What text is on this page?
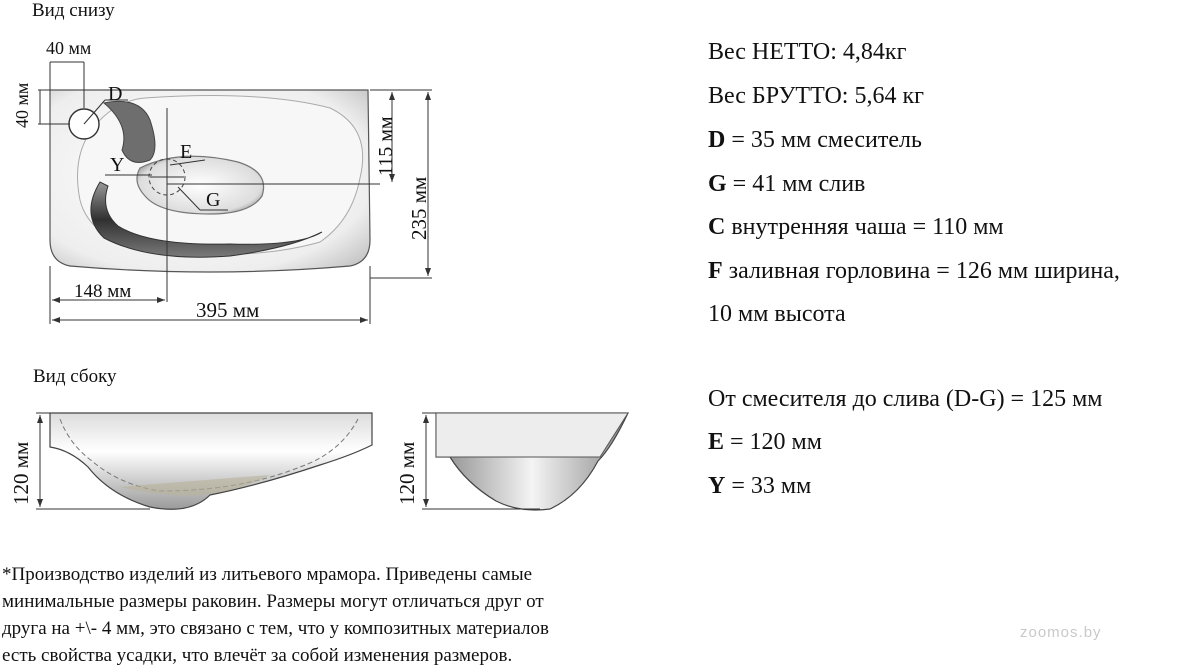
Вид снизу
Вид сбоку
40 мм
40 мм	D
E
Y
G
148 мм
395 мм
115 мм
235 мм
120 мм	120 мм
Вес НЕТТО: 4,84кг
Вес БРУТТО: 5,64 кг
D = 35 мм смеситель
G = 41 мм слив
C внутренняя чаша = 110 мм
F заливная горловина = 126 мм ширина,
10 мм высота
От смесителя до слива (D-G) = 125 мм
E = 120 мм
Y = 33 мм
*Производство изделий из литьевого мрамора. Приведены самые
минимальные размеры раковин. Размеры могут отличаться друг от
друга на +\- 4 мм, это связано с тем, что у композитных материалов
есть свойства усадки, что влечёт за собой изменения размеров.
zoomos.by
